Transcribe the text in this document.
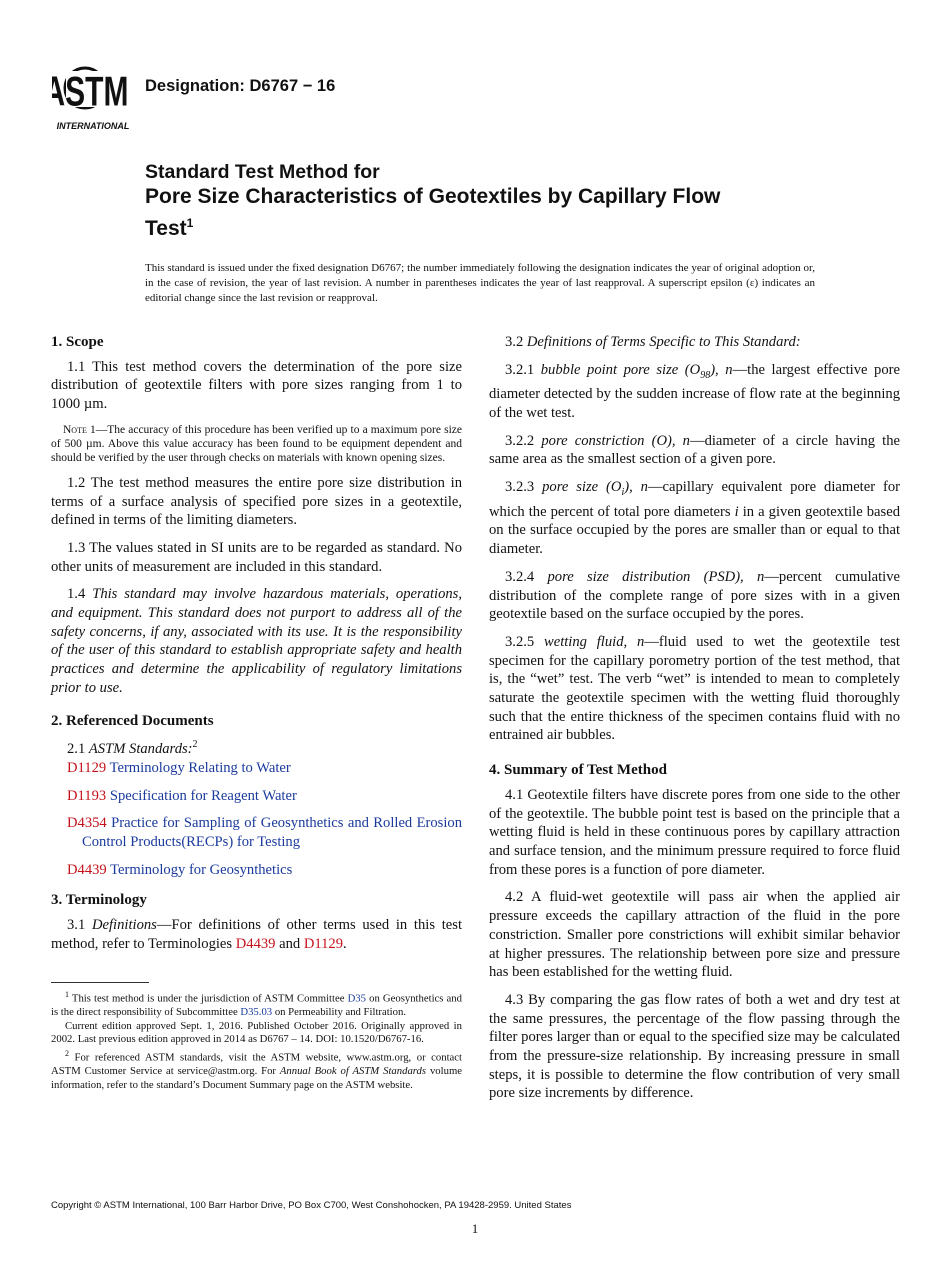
ASTM
INTERNATIONAL
Designation: D6767 − 16
Standard Test Method for
Pore Size Characteristics of Geotextiles by Capillary Flow
Test$^1$
This standard is issued under the fixed designation D6767; the number immediately following the designation indicates the year of original adoption or, in the case of revision, the year of last revision. A number in parentheses indicates the year of last reapproval. A superscript epsilon (ε) indicates an editorial change since the last revision or reapproval.
1. Scope

1.1 This test method covers the determination of the pore size distribution of geotextile filters with pore sizes ranging from 1 to 1000 µm.

Note 1—The accuracy of this procedure has been verified up to a maximum pore size of 500 µm. Above this value accuracy has been found to be equipment dependent and should be verified by the user through checks on materials with known opening sizes.

1.2 The test method measures the entire pore size distribution in terms of a surface analysis of specified pore sizes in a geotextile, defined in terms of the limiting diameters.

1.3 The values stated in SI units are to be regarded as standard. No other units of measurement are included in this standard.

1.4 This standard may involve hazardous materials, operations, and equipment. This standard does not purport to address all of the safety concerns, if any, associated with its use. It is the responsibility of the user of this standard to establish appropriate safety and health practices and determine the applicability of regulatory limitations prior to use.

2. Referenced Documents

2.1 ASTM Standards:$^2$

D1129 Terminology Relating to Water

D1193 Specification for Reagent Water

D4354 Practice for Sampling of Geosynthetics and Rolled Erosion Control Products(RECPs) for Testing

D4439 Terminology for Geosynthetics

3. Terminology

3.1 Definitions—For definitions of other terms used in this test method, refer to Terminologies D4439 and D1129.

3.2 Definitions of Terms Specific to This Standard:

3.2.1 bubble point pore size $(O_{98})$, n—the largest effective pore diameter detected by the sudden increase of flow rate at the beginning of the wet test.

3.2.2 pore constriction (O), n—diameter of a circle having the same area as the smallest section of a given pore.

3.2.3 pore size $(O_i)$, n—capillary equivalent pore diameter for which the percent of total pore diameters i in a given geotextile based on the surface occupied by the pores are smaller than or equal to that diameter.

3.2.4 pore size distribution (PSD), n—percent cumulative distribution of the complete range of pore sizes with in a given geotextile based on the surface occupied by the pores.

3.2.5 wetting fluid, n—fluid used to wet the geotextile test specimen for the capillary porometry portion of the test method, that is, the “wet” test. The verb “wet” is intended to mean to completely saturate the geotextile specimen with the wetting fluid thoroughly such that the entire thickness of the specimen contains fluid with no entrained air bubbles.

4. Summary of Test Method

4.1 Geotextile filters have discrete pores from one side to the other of the geotextile. The bubble point test is based on the principle that a wetting fluid is held in these continuous pores by capillary attraction and surface tension, and the minimum pressure required to force fluid from these pores is a function of pore diameter.

4.2 A fluid-wet geotextile will pass air when the applied air pressure exceeds the capillary attraction of the fluid in the pore constriction. Smaller pore constrictions will exhibit similar behavior at higher pressures. The relationship between pore size and pressure has been established for the wetting fluid.

4.3 By comparing the gas flow rates of both a wet and dry test at the same pressures, the percentage of the flow passing through the filter pores larger than or equal to the specified size may be calculated from the pressure-size relationship. By increasing pressure in small steps, it is possible to determine the flow contribution of very small pore size increments by difference.

$^1$ This test method is under the jurisdiction of ASTM Committee D35 on Geosynthetics and is the direct responsibility of Subcommittee D35.03 on Permeability and Filtration.

Current edition approved Sept. 1, 2016. Published October 2016. Originally approved in 2002. Last previous edition approved in 2014 as D6767 – 14. DOI: 10.1520/D6767-16.

$^2$ For referenced ASTM standards, visit the ASTM website, www.astm.org, or contact ASTM Customer Service at service@astm.org. For Annual Book of ASTM Standards volume information, refer to the standard’s Document Summary page on the ASTM website.

Copyright © ASTM International, 100 Barr Harbor Drive, PO Box C700, West Conshohocken, PA 19428-2959. United States
1
